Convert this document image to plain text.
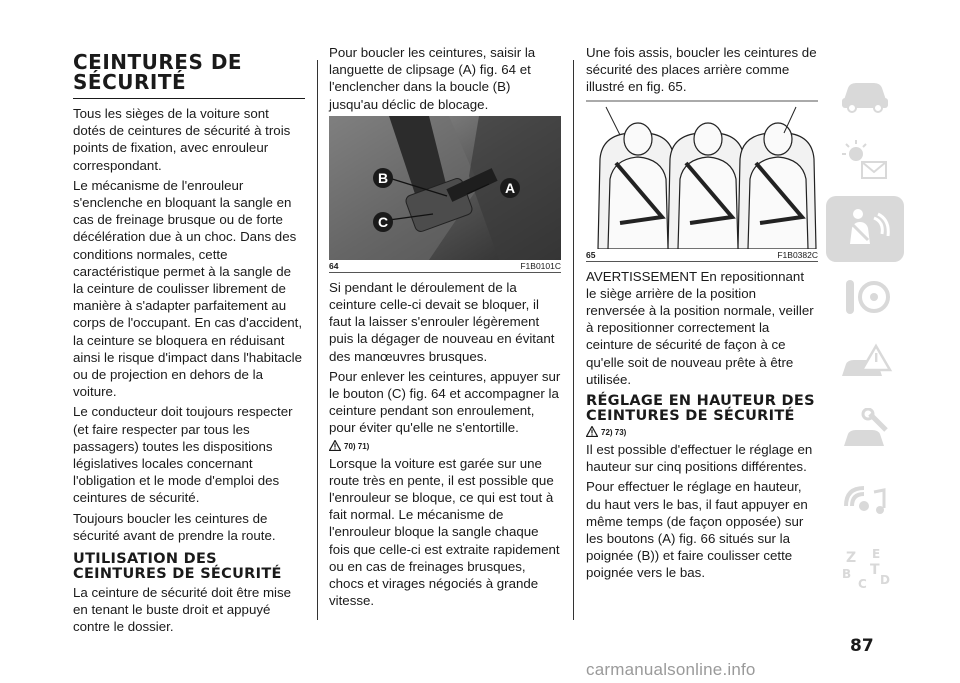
CEINTURES DE
SÉCURITÉ

Tous les sièges de la voiture sont dotés de ceintures de sécurité à trois points de fixation, avec enrouleur correspondant.

Le mécanisme de l'enrouleur s'enclenche en bloquant la sangle en cas de freinage brusque ou de forte décélération due à un choc. Dans des conditions normales, cette caractéristique permet à la sangle de la ceinture de coulisser librement de manière à s'adapter parfaitement au corps de l'occupant. En cas d'accident, la ceinture se bloquera en réduisant ainsi le risque d'impact dans l'habitacle ou de projection en dehors de la voiture.

Le conducteur doit toujours respecter (et faire respecter par tous les passagers) toutes les dispositions législatives locales concernant l'obligation et le mode d'emploi des ceintures de sécurité.

Toujours boucler les ceintures de sécurité avant de prendre la route.

UTILISATION DES CEINTURES DE SÉCURITÉ

La ceinture de sécurité doit être mise en tenant le buste droit et appuyé contre le dossier.

Pour boucler les ceintures, saisir la languette de clipsage (A) fig. 64 et l'enclencher dans la boucle (B) jusqu'au déclic de blocage.

B
C
A
64	F1B0101C

Si pendant le déroulement de la ceinture celle-ci devait se bloquer, il faut la laisser s'enrouler légèrement puis la dégager de nouveau en évitant des manœuvres brusques.

Pour enlever les ceintures, appuyer sur le bouton (C) fig. 64 et accompagner la ceinture pendant son enroulement, pour éviter qu'elle ne s'entortille.

70) 71)

Lorsque la voiture est garée sur une route très en pente, il est possible que l'enrouleur se bloque, ce qui est tout à fait normal. Le mécanisme de l'enrouleur bloque la sangle chaque fois que celle-ci est extraite rapidement ou en cas de freinages brusques, chocs et virages négociés à grande vitesse.

Une fois assis, boucler les ceintures de sécurité des places arrière comme illustré en fig. 65.

65	F1B0382C

AVERTISSEMENT En repositionnant le siège arrière de la position renversée à la position normale, veiller à repositionner correctement la ceinture de sécurité de façon à ce qu'elle soit de nouveau prête à être utilisée.

RÉGLAGE EN HAUTEUR DES CEINTURES DE SÉCURITÉ
72) 73)

Il est possible d'effectuer le réglage en hauteur sur cinq positions différentes.

Pour effectuer le réglage en hauteur, du haut vers le bas, il faut appuyer en même temps (de façon opposée) sur les boutons (A) fig. 66 situés sur la poignée (B)) et faire coulisser cette poignée vers le bas.

Z E
B
C D
T
87
carmanualsonline.info
